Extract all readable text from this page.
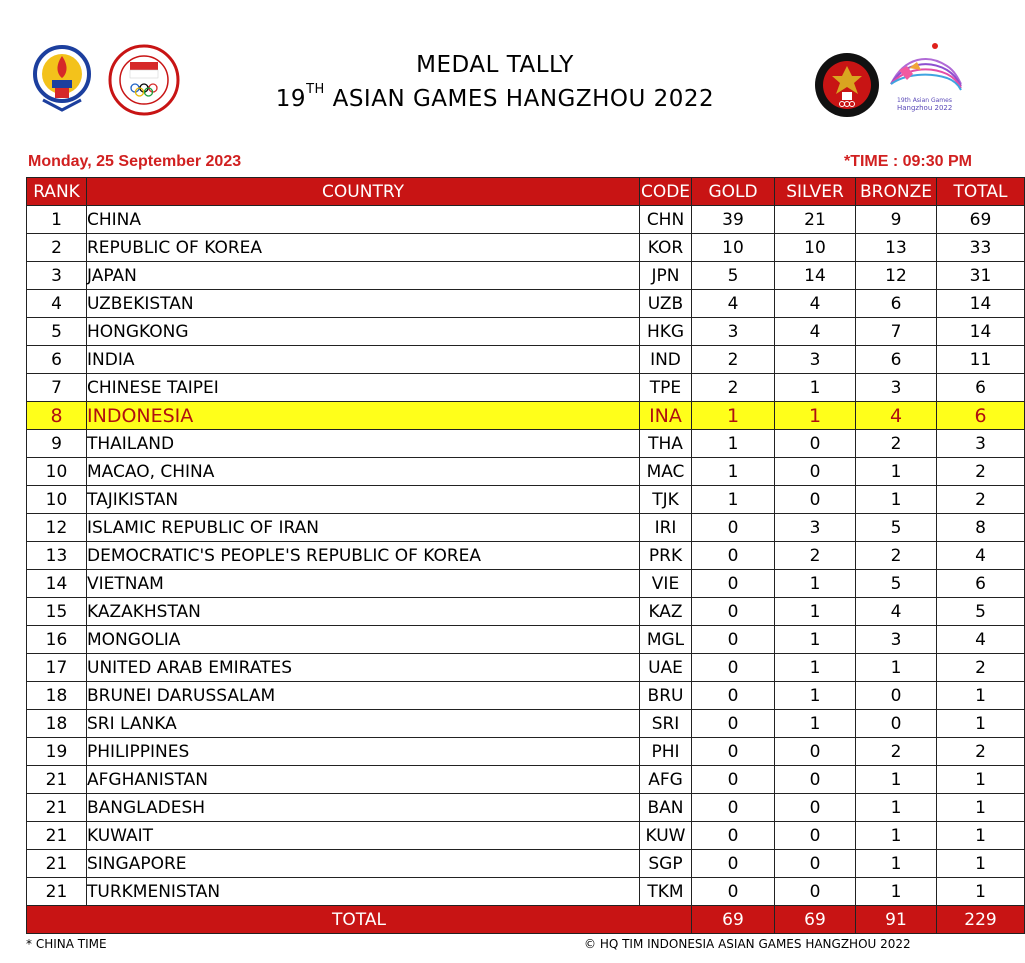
MEDAL TALLY
19TH ASIAN GAMES HANGZHOU 2022	19th Asian Games
Hangzhou 2022
Monday, 25 September 2023	*TIME : 09:30 PM
RANK	COUNTRY	CODE	GOLD	SILVER	BRONZE	TOTAL
1	CHINA	CHN	39	21	9	69
2	REPUBLIC OF KOREA	KOR	10	10	13	33
3	JAPAN	JPN	5	14	12	31
4	UZBEKISTAN	UZB	4	4	6	14
5	HONGKONG	HKG	3	4	7	14
6	INDIA	IND	2	3	6	11
7	CHINESE TAIPEI	TPE	2	1	3	6
8	INDONESIA	INA	1	1	4	6
9	THAILAND	THA	1	0	2	3
10	MACAO, CHINA	MAC	1	0	1	2
10	TAJIKISTAN	TJK	1	0	1	2
12	ISLAMIC REPUBLIC OF IRAN	IRI	0	3	5	8
13	DEMOCRATIC'S PEOPLE'S REPUBLIC OF KOREA	PRK	0	2	2	4
14	VIETNAM	VIE	0	1	5	6
15	KAZAKHSTAN	KAZ	0	1	4	5
16	MONGOLIA	MGL	0	1	3	4
17	UNITED ARAB EMIRATES	UAE	0	1	1	2
18	BRUNEI DARUSSALAM	BRU	0	1	0	1
18	SRI LANKA	SRI	0	1	0	1
19	PHILIPPINES	PHI	0	0	2	2
21	AFGHANISTAN	AFG	0	0	1	1
21	BANGLADESH	BAN	0	0	1	1
21	KUWAIT	KUW	0	0	1	1
21	SINGAPORE	SGP	0	0	1	1
21	TURKMENISTAN	TKM	0	0	1	1
TOTAL			69	69	91	229
* CHINA TIME	© HQ TIM INDONESIA ASIAN GAMES HANGZHOU 2022
